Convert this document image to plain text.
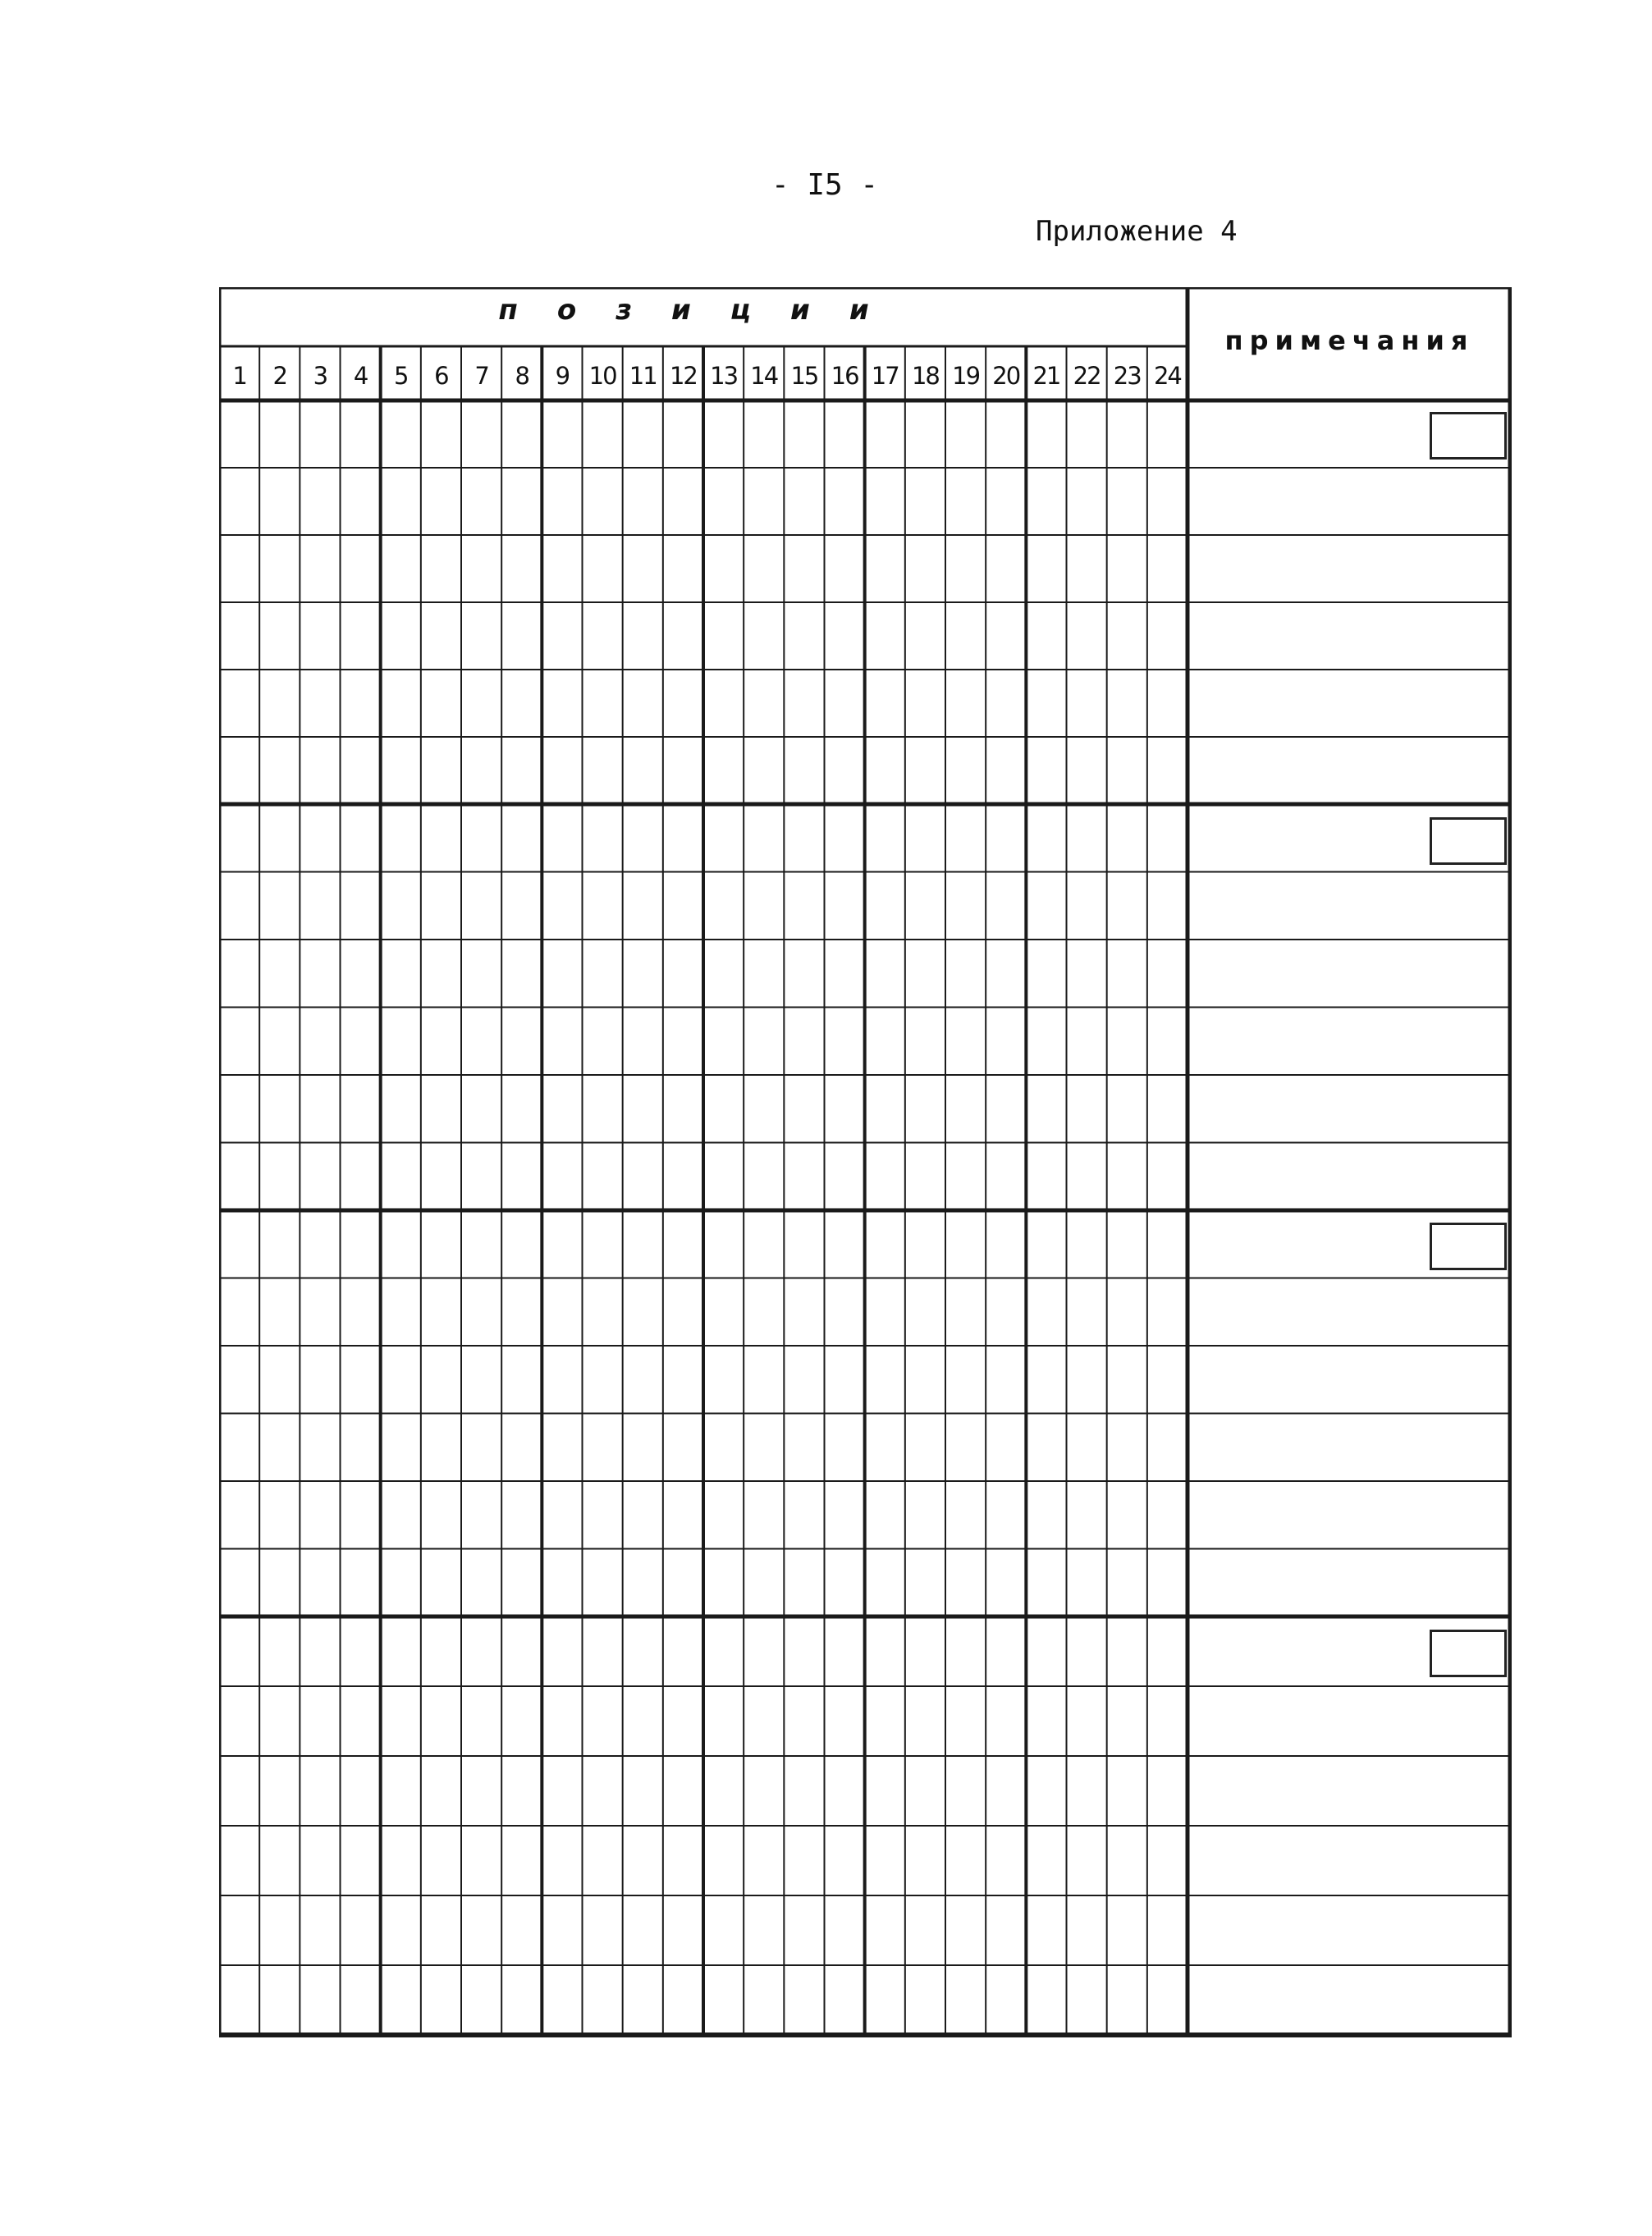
- I5 -
Приложение 4
позиции
примечания
1	2	3	4	5	6	7	8	9 10 11 12 13 14 15 16 17 18 19 20 21 22 23 24
